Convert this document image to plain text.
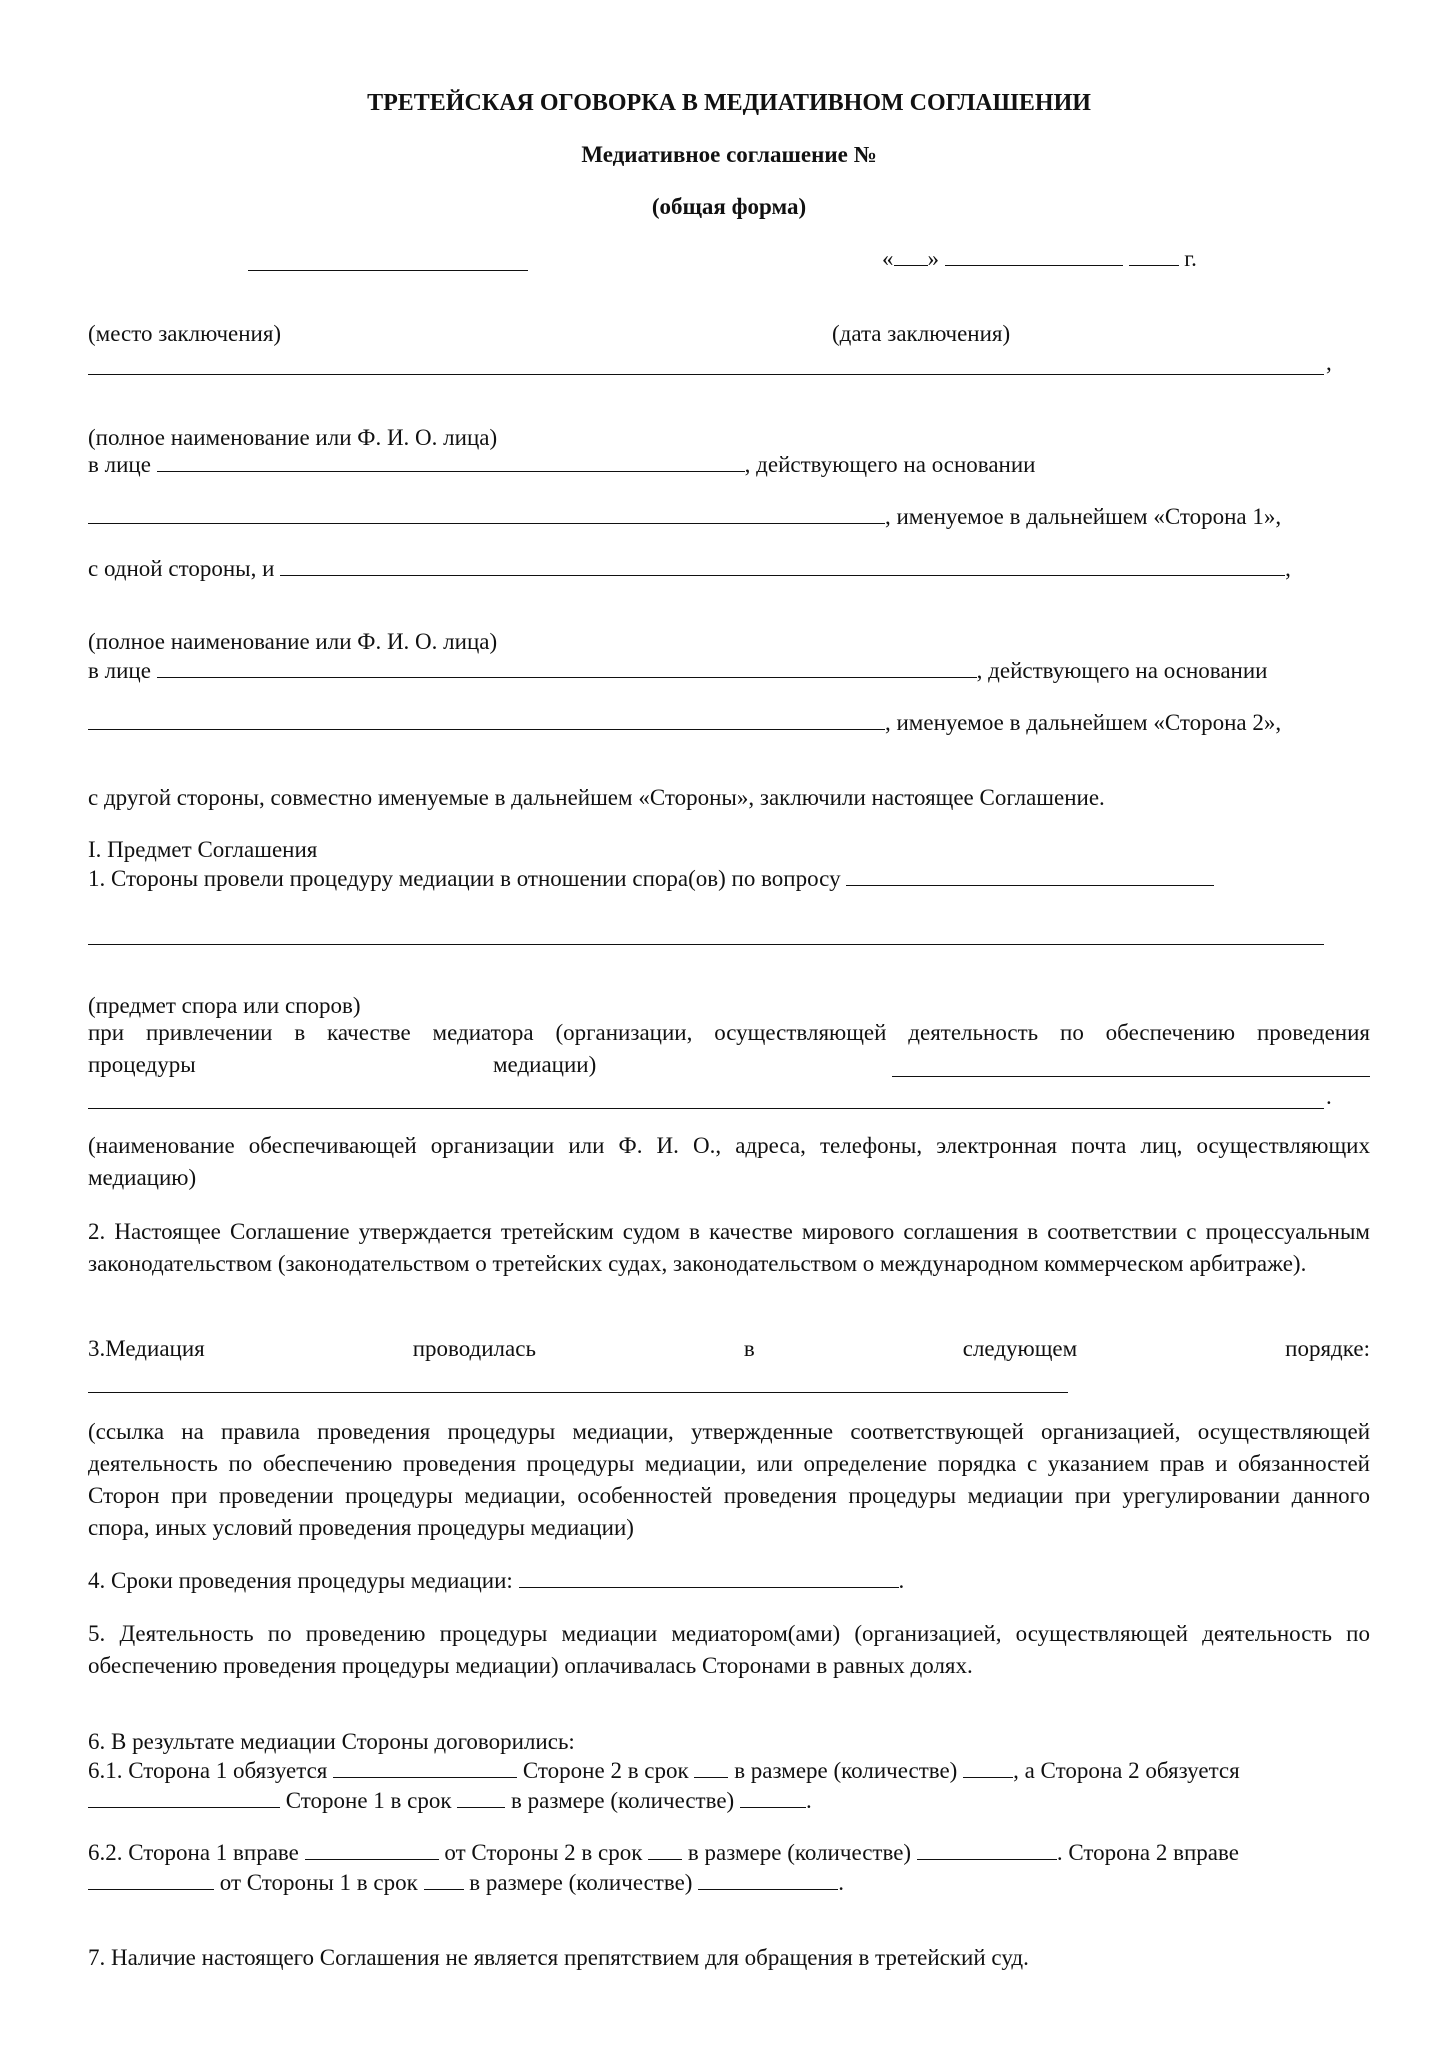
ТРЕТЕЙСКАЯ ОГОВОРКА В МЕДИАТИВНОМ СОГЛАШЕНИИ

Медиативное соглашение №

(общая форма)

« »	г.

(место заключения)	(дата заключения)

,

(полное наименование или Ф. И. О. лица)

в лице	, действующего на основании
, именуемое в дальнейшем «Сторона 1»,
с одной стороны, и	,

(полное наименование или Ф. И. О. лица)

в лице	, действующего на основании
, именуемое в дальнейшем «Сторона 2»,

с другой стороны, совместно именуемые в дальнейшем «Стороны», заключили настоящее Соглашение.

I. Предмет Соглашения

1. Стороны провели процедуру медиации в отношении спора(ов) по вопросу

(предмет спора или споров)

при привлечении в качестве медиатора (организации, осуществляющей деятельность по обеспечению проведения
процедуры	медиации)
.

(наименование обеспечивающей организации или Ф. И. О., адреса, телефоны, электронная почта лиц, осуществляющих медиацию)

2. Настоящее Соглашение утверждается третейским судом в качестве мирового соглашения в соответствии с процессуальным законодательством (законодательством о третейских судах, законодательством о международном коммерческом арбитраже).

3.Медиация	проводилась	в	следующем	порядке:

(ссылка на правила проведения процедуры медиации, утвержденные соответствующей организацией, осуществляющей деятельность по обеспечению проведения процедуры медиации, или определение порядка с указанием прав и обязанностей Сторон при проведении процедуры медиации, особенностей проведения процедуры медиации при урегулировании данного спора, иных условий проведения процедуры медиации)

4. Сроки проведения процедуры медиации:	.

5. Деятельность по проведению процедуры медиации медиатором(ами) (организацией, осуществляющей деятельность по обеспечению проведения процедуры медиации) оплачивалась Сторонами в равных долях.

6. В результате медиации Стороны договорились:

6.1. Сторона 1 обязуется	Стороне 2 в срок в размере (количестве) , а Сторона 2 обязуется
Стороне 1 в срок	в размере (количестве)	.
6.2. Сторона 1 вправе	от Стороны 2 в срок в размере (количестве)	. Сторона 2 вправе
от Стороны 1 в срок в размере (количестве)	.

7. Наличие настоящего Соглашения не является препятствием для обращения в третейский суд.
